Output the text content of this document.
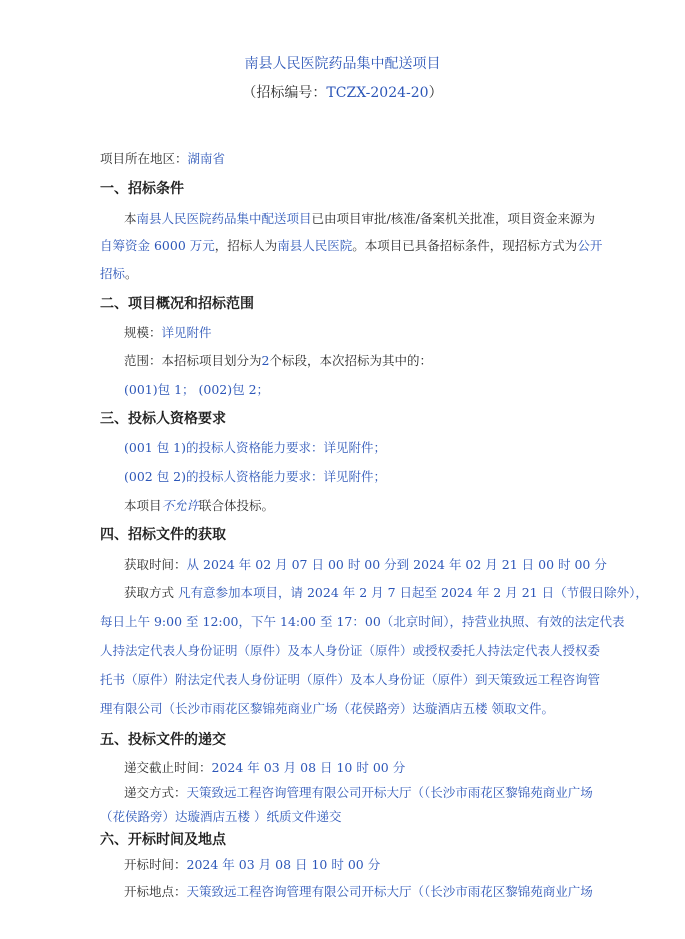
南县人民医院药品集中配送项目
（招标编号：TCZX-2024-20）
项目所在地区：湖南省
一、招标条件
本南县人民医院药品集中配送项目已由项目审批/核准/备案机关批准，项目资金来源为
自筹资金 6000 万元，招标人为南县人民医院。本项目已具备招标条件，现招标方式为公开
招标。
二、项目概况和招标范围
规模：详见附件
范围：本招标项目划分为2个标段，本次招标为其中的：
(001)包 1； (002)包 2；
三、投标人资格要求
(001 包 1)的投标人资格能力要求：详见附件；
(002 包 2)的投标人资格能力要求：详见附件；
本项目不允许联合体投标。
四、招标文件的获取
获取时间：从 2024 年 02 月 07 日 00 时 00 分到 2024 年 02 月 21 日 00 时 00 分
获取方式 凡有意参加本项目，请 2024 年 2 月 7 日起至 2024 年 2 月 21 日（节假日除外），
每日上午 9:00 至 12:00，下午 14:00 至 17：00（北京时间），持营业执照、有效的法定代表
人持法定代表人身份证明（原件）及本人身份证（原件）或授权委托人持法定代表人授权委
托书（原件）附法定代表人身份证明（原件）及本人身份证（原件）到天策致远工程咨询管
理有限公司（长沙市雨花区黎锦苑商业广场（花侯路旁）达璇酒店五楼 领取文件。
五、投标文件的递交
递交截止时间：2024 年 03 月 08 日 10 时 00 分
递交方式：天策致远工程咨询管理有限公司开标大厅（（长沙市雨花区黎锦苑商业广场
（花侯路旁）达璇酒店五楼 ）纸质文件递交
六、开标时间及地点
开标时间：2024 年 03 月 08 日 10 时 00 分
开标地点：天策致远工程咨询管理有限公司开标大厅（（长沙市雨花区黎锦苑商业广场
